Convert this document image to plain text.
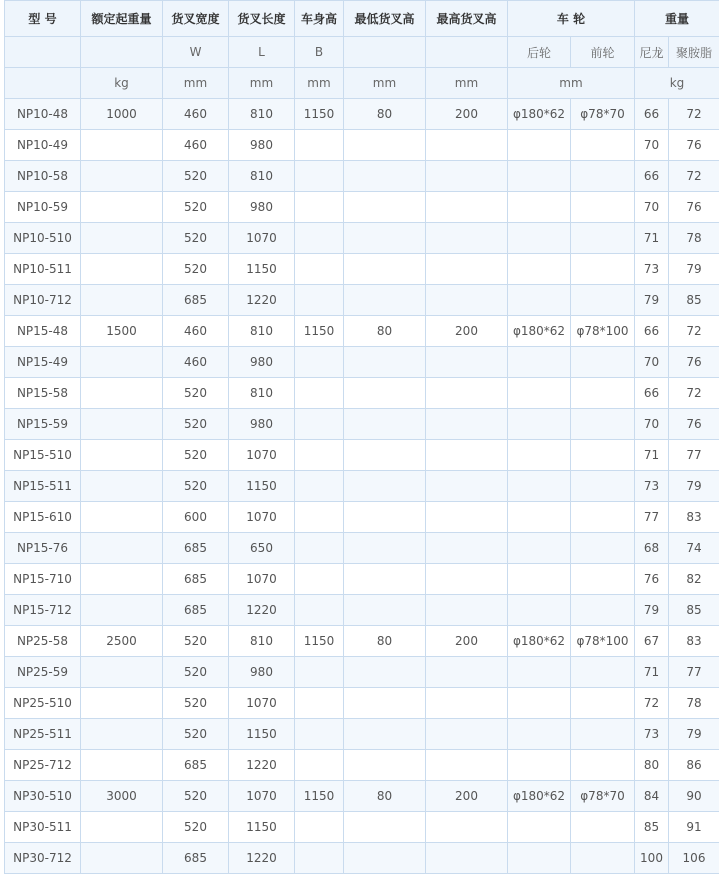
型 号	额定起重量	货叉宽度	货叉长度	车身高	最低货叉高	最高货叉高	车 轮		重量	
		W	L	B			后轮	前轮	尼龙	聚胺脂
	kg	mm	mm	mm	mm	mm	mm		kg	
NP10-48	1000	460	810	1150	80	200	φ180*62	φ78*70	66	72
NP10-49		460	980						70	76
NP10-58		520	810						66	72
NP10-59		520	980						70	76
NP10-510		520	1070						71	78
NP10-511		520	1150						73	79
NP10-712		685	1220						79	85
NP15-48	1500	460	810	1150	80	200	φ180*62	φ78*100	66	72
NP15-49		460	980						70	76
NP15-58		520	810						66	72
NP15-59		520	980						70	76
NP15-510		520	1070						71	77
NP15-511		520	1150						73	79
NP15-610		600	1070						77	83
NP15-76		685	650						68	74
NP15-710		685	1070						76	82
NP15-712		685	1220						79	85
NP25-58	2500	520	810	1150	80	200	φ180*62	φ78*100	67	83
NP25-59		520	980						71	77
NP25-510		520	1070						72	78
NP25-511		520	1150						73	79
NP25-712		685	1220						80	86
NP30-510	3000	520	1070	1150	80	200	φ180*62	φ78*70	84	90
NP30-511		520	1150						85	91
NP30-712		685	1220						100	106
